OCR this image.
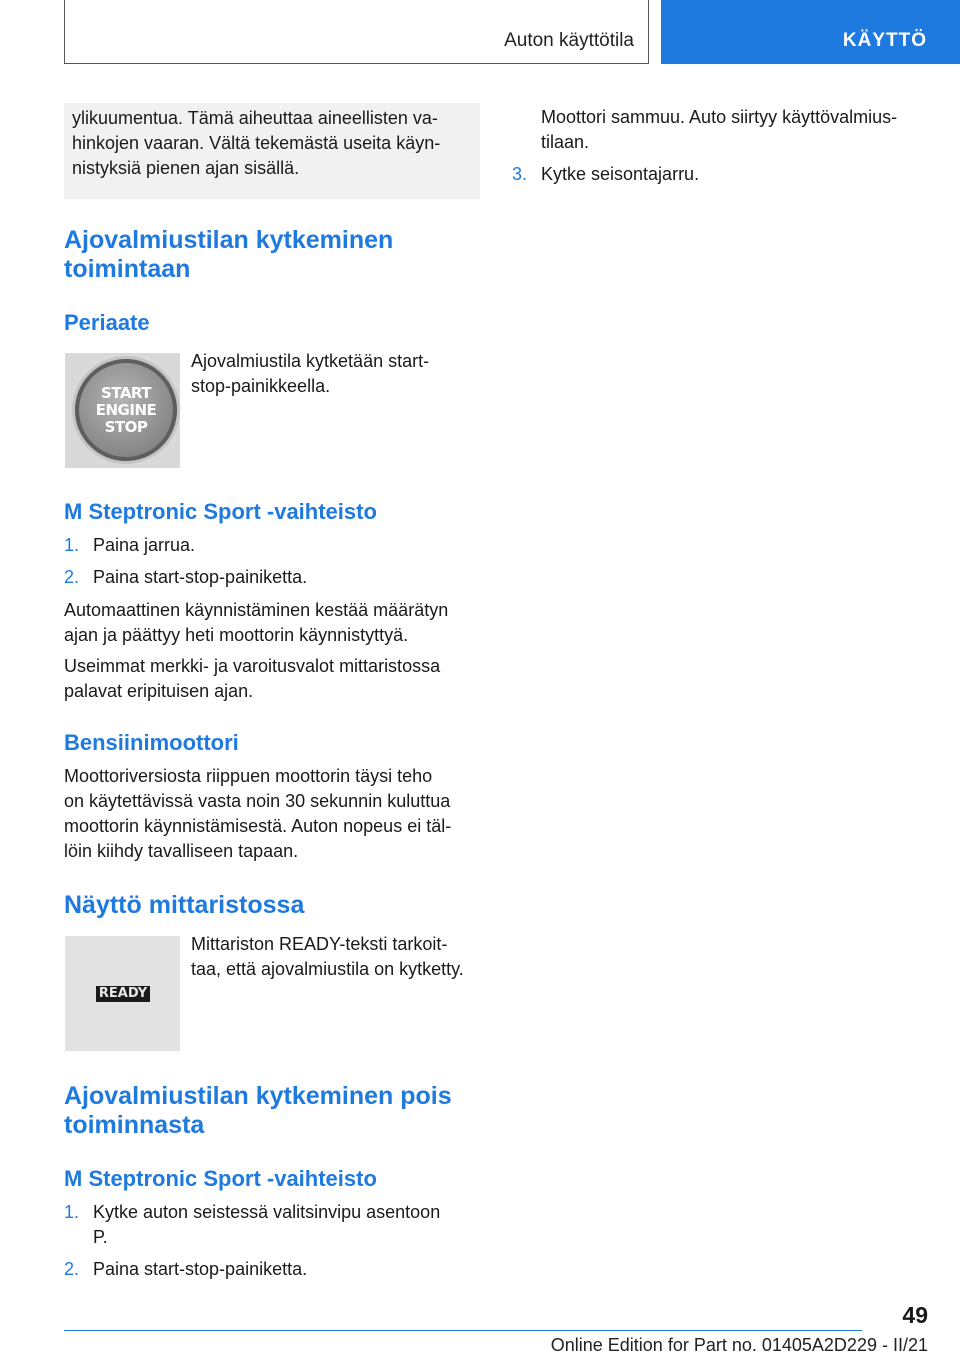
Auton käyttötila	KÄYTTÖ

ylikuumentua. Tämä aiheuttaa aineellisten va-
hinkojen vaaran. Vältä tekemästä useita käyn-
nistyksiä pienen ajan sisällä.

Ajovalmiustilan kytkeminen
toimintaan
Periaate
START
ENGINE
STOP

Ajovalmiustila kytketään start-
stop-painikkeella.

M Steptronic Sport -vaihteisto
1. Paina jarrua.
2. Paina start-stop-painiketta.

Automaattinen käynnistäminen kestää määrätyn
ajan ja päättyy heti moottorin käynnistyttyä.

Useimmat merkki- ja varoitusvalot mittaristossa
palavat eripituisen ajan.

Bensiinimoottori

Moottoriversiosta riippuen moottorin täysi teho
on käytettävissä vasta noin 30 sekunnin kuluttua
moottorin käynnistämisestä. Auton nopeus ei täl-
löin kiihdy tavalliseen tapaan.

Näyttö mittaristossa
READY

Mittariston READY-teksti tarkoit-
taa, että ajovalmiustila on kytketty.

Ajovalmiustilan kytkeminen pois
toiminnasta
M Steptronic Sport -vaihteisto
1. Kytke auton seistessä valitsinvipu asentoon
P.
2. Paina start-stop-painiketta.

Moottori sammuu. Auto siirtyy käyttövalmius-
tilaan.

3. Kytke seisontajarru.
49
Online Edition for Part no. 01405A2D229 - II/21
